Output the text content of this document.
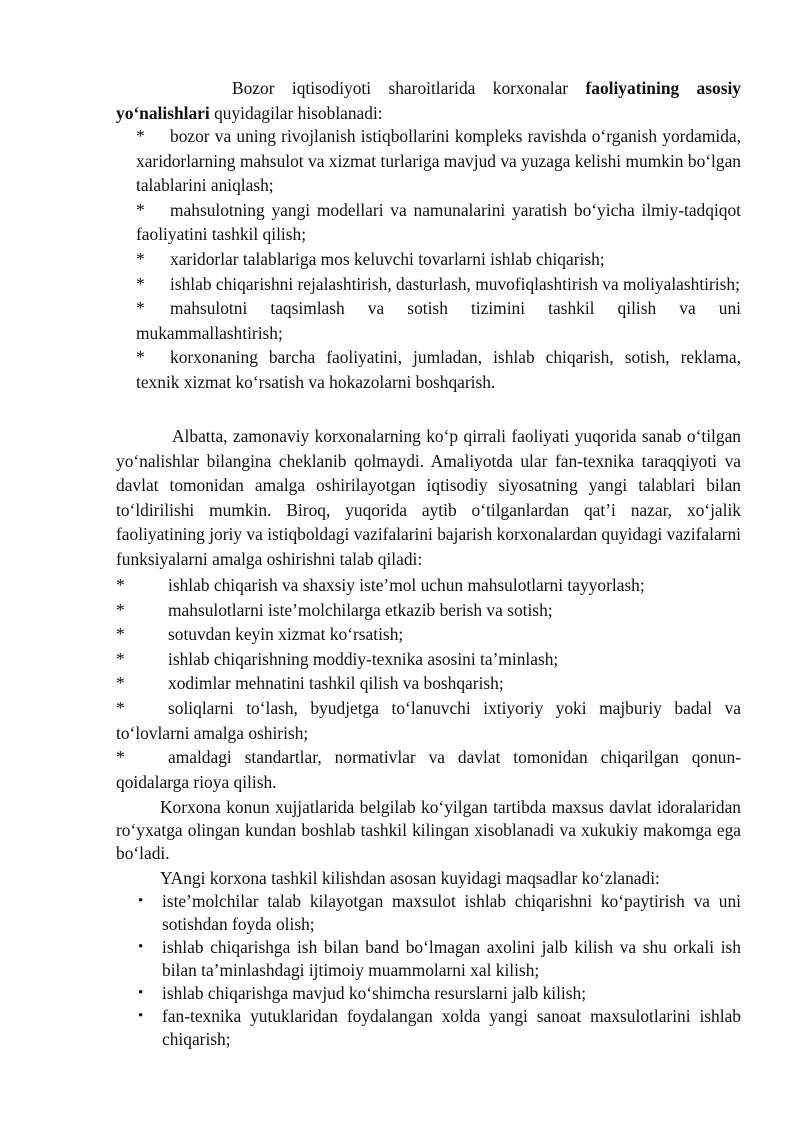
Bozor iqtisodiyoti sharoitlarida korxonalar faoliyatining asosiy yo‘nalishlari quyidagilar hisoblanadi:

* bozor va uning rivojlanish istiqbollarini kompleks ravishda o‘rganish yordamida, xaridorlarning mahsulot va xizmat turlariga mavjud va yuzaga kelishi mumkin bo‘lgan talablarini aniqlash;
* mahsulotning yangi modellari va namunalarini yaratish bo‘yicha ilmiy-tadqiqot faoliyatini tashkil qilish;
* xaridorlar talablariga mos keluvchi tovarlarni ishlab chiqarish;
* ishlab chiqarishni rejalashtirish, dasturlash, muvofiqlashtirish va moliyalashtirish;
* mahsulotni taqsimlash va sotish tizimini tashkil qilish va uni mukammallashtirish;
* korxonaning barcha faoliyatini, jumladan, ishlab chiqarish, sotish, reklama, texnik xizmat ko‘rsatish va hokazolarni boshqarish.

Albatta, zamonaviy korxonalarning ko‘p qirrali faoliyati yuqorida sanab o‘tilgan yo‘nalishlar bilangina cheklanib qolmaydi. Amaliyotda ular fan-texnika taraqqiyoti va davlat tomonidan amalga oshirilayotgan iqtisodiy siyosatning yangi talablari bilan to‘ldirilishi mumkin. Biroq, yuqorida aytib o‘tilganlardan qat’i nazar, xo‘jalik faoliyatining joriy va istiqboldagi vazifalarini bajarish korxonalardan quyidagi vazifalarni funksiyalarni amalga oshirishni talab qiladi:

* ishlab chiqarish va shaxsiy iste’mol uchun mahsulotlarni tayyorlash;
* mahsulotlarni iste’molchilarga etkazib berish va sotish;
* sotuvdan keyin xizmat ko‘rsatish;
* ishlab chiqarishning moddiy-texnika asosini ta’minlash;
* xodimlar mehnatini tashkil qilish va boshqarish;
* soliqlarni to‘lash, byudjetga to‘lanuvchi ixtiyoriy yoki majburiy badal va to‘lovlarni amalga oshirish;
* amaldagi standartlar, normativlar va davlat tomonidan chiqarilgan qonun-qoidalarga rioya qilish.

Korxona konun xujjatlarida belgilab ko‘yilgan tartibda maxsus davlat idoralaridan ro‘yxatga olingan kundan boshlab tashkil kilingan xisoblanadi va xukukiy makomga ega bo‘ladi.

YAngi korxona tashkil kilishdan asosan kuyidagi maqsadlar ko‘zlanadi:

• iste’molchilar talab kilayotgan maxsulot ishlab chiqarishni ko‘paytirish va uni sotishdan foyda olish;
• ishlab chiqarishga ish bilan band bo‘lmagan axolini jalb kilish va shu orkali ish bilan ta’minlashdagi ijtimoiy muammolarni xal kilish;
• ishlab chiqarishga mavjud ko‘shimcha resurslarni jalb kilish;
• fan-texnika yutuklaridan foydalangan xolda yangi sanoat maxsulotlarini ishlab chiqarish;
